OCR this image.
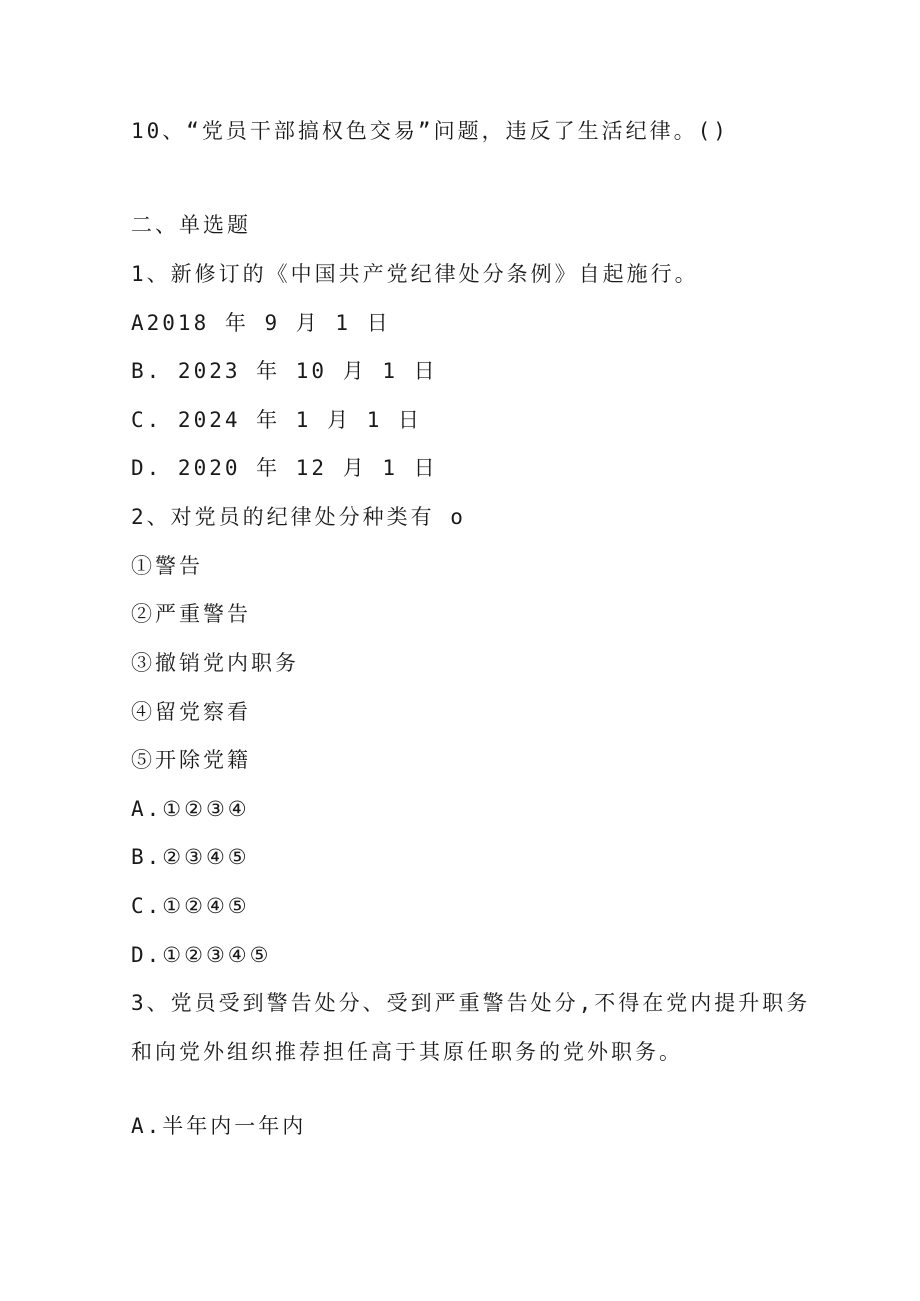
10、“党员干部搞权色交易”问题，违反了生活纪律。()
二、单选题
1、新修订的《中国共产党纪律处分条例》自起施行。
A2018 年 9 月 1 日
B. 2023 年 10 月 1 日
C. 2024 年 1 月 1 日
D. 2020 年 12 月 1 日
2、对党员的纪律处分种类有 o
①警告
②严重警告
③撤销党内职务
④留党察看
⑤开除党籍
A.①②③④
B.②③④⑤
C.①②④⑤
D.①②③④⑤
3、党员受到警告处分、受到严重警告处分,不得在党内提升职务
和向党外组织推荐担任高于其原任职务的党外职务。
A.半年内一年内
